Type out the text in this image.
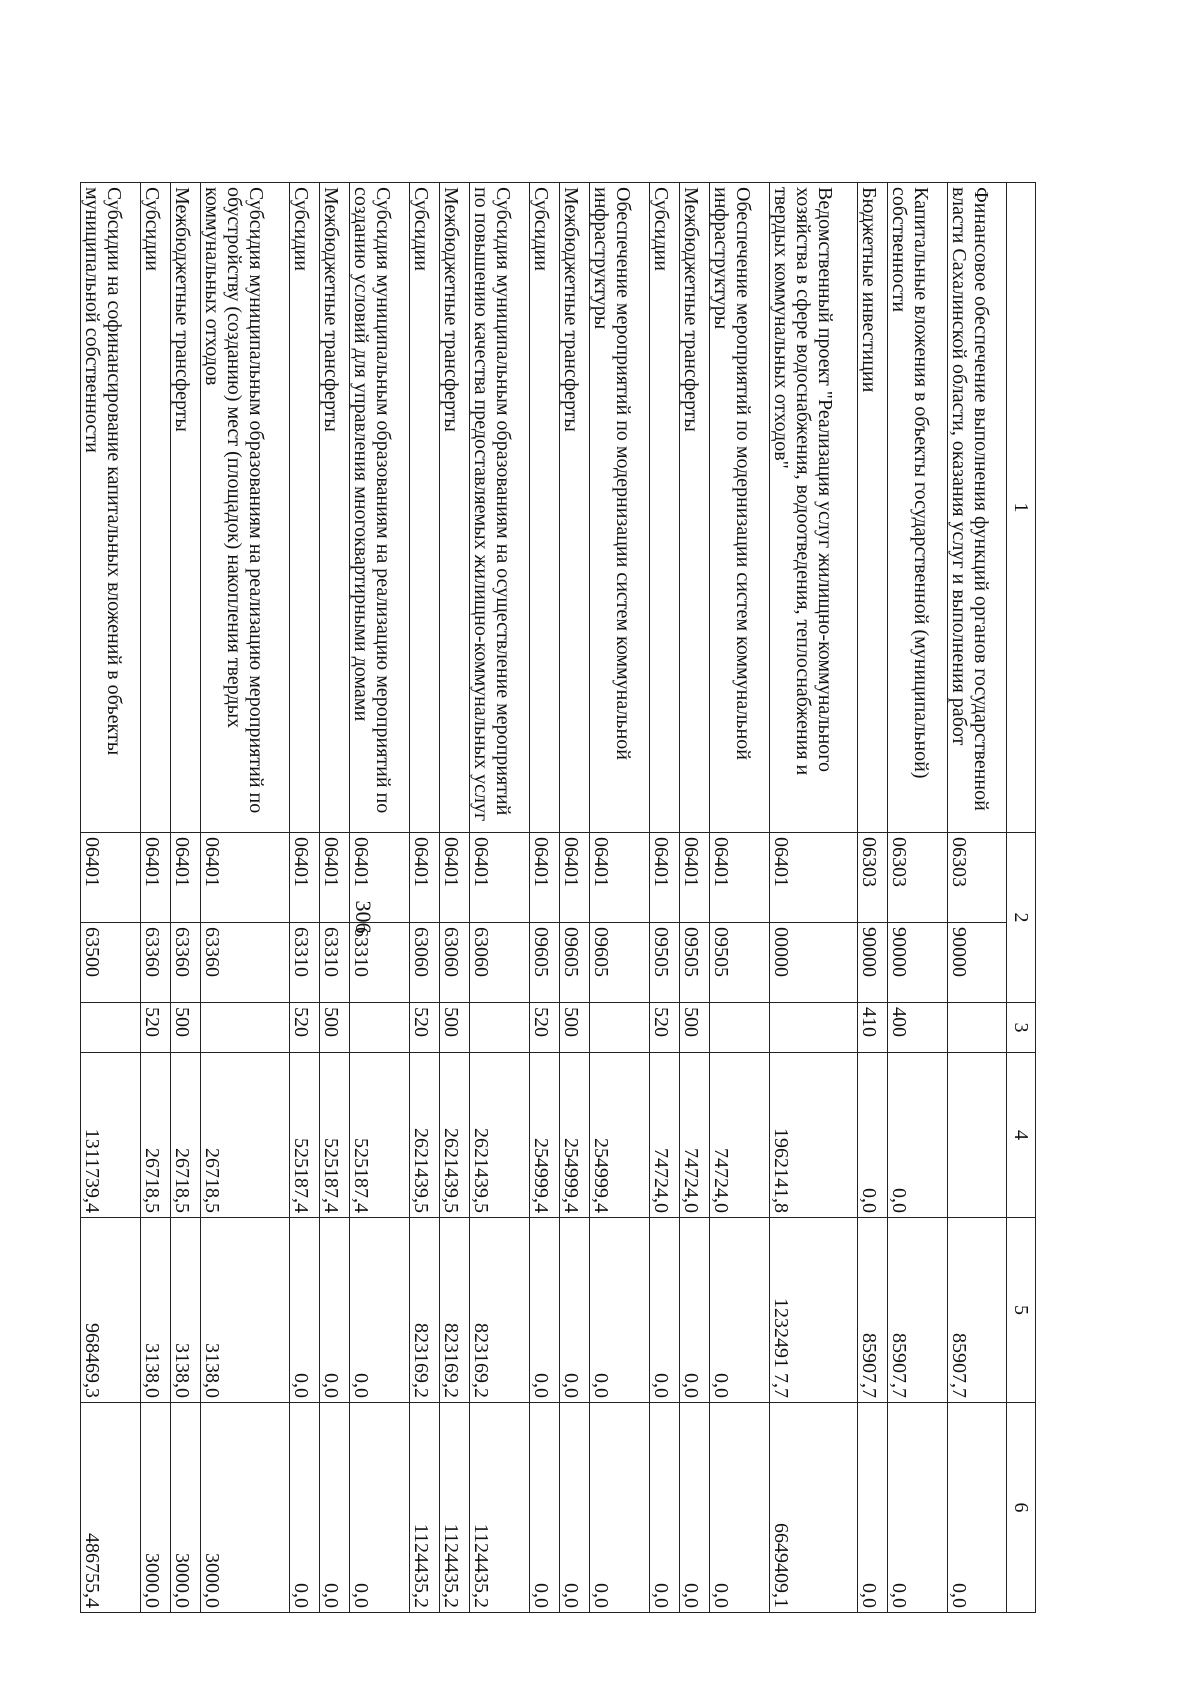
306
1	2		3	4	5	6
Финансовое обеспечение выполнения функций органов государственной власти Сахалинской области, оказания услуг и выполнения работ	06303	90000			85907,7	0,0
Капитальные вложения в объекты государственной (муниципальной) собственности	06303	90000	400	0,0	85907,7	0,0
Бюджетные инвестиции	06303	90000	410	0,0	85907,7	0,0
Ведомственный проект "Реализация услуг жилищно-коммунального хозяйства в сфере водоснабжения, водоотведения, теплоснабжения и твердых коммунальных отходов"	06401	00000		1962141,8	1232491 7,7	6649409,1
Обеспечение мероприятий по модернизации систем коммунальной инфраструктуры	06401	09505		74724,0	0,0	0,0
Межбюджетные трансферты	06401	09505	500	74724,0	0,0	0,0
Субсидии	06401	09505	520	74724,0	0,0	0,0
Обеспечение мероприятий по модернизации систем коммунальной инфраструктуры	06401	09605		254999,4	0,0	0,0
Межбюджетные трансферты	06401	09605	500	254999,4	0,0	0,0
Субсидии	06401	09605	520	254999,4	0,0	0,0
Субсидия муниципальным образованиям на осуществление мероприятий по повышению качества предоставляемых жилищно-коммунальных услуг	06401	63060		2621439,5	823169,2	1124435,2
Межбюджетные трансферты	06401	63060	500	2621439,5	823169,2	1124435,2
Субсидии	06401	63060	520	2621439,5	823169,2	1124435,2
Субсидия муниципальным образованиям на реализацию мероприятий по созданию условий для управления многоквартирными домами	06401	63310		525187,4	0,0	0,0
Межбюджетные трансферты	06401	63310	500	525187,4	0,0	0,0
Субсидии	06401	63310	520	525187,4	0,0	0,0
Субсидия муниципальным образованиям на реализацию мероприятий по обустройству (созданию) мест (площадок) накопления твердых коммунальных отходов	06401	63360		26718,5	3138,0	3000,0
Межбюджетные трансферты	06401	63360	500	26718,5	3138,0	3000,0
Субсидии	06401	63360	520	26718,5	3138,0	3000,0
Субсидии на софинансирование капитальных вложений в объекты муниципальной собственности	06401	63500		1311739,4	968469,3	486755,4
